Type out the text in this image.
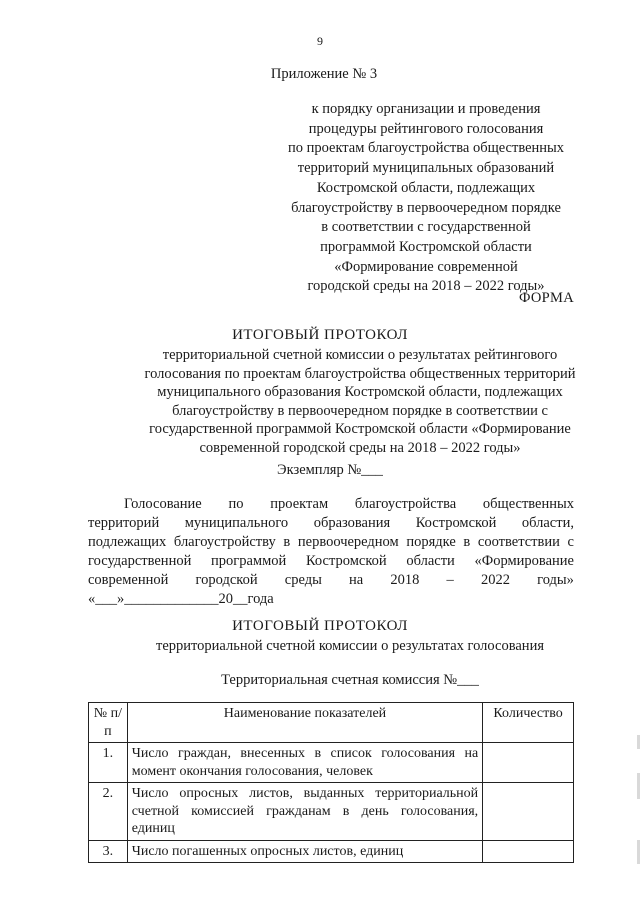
9
Приложение № 3
к порядку организации и проведения
процедуры рейтингового голосования
по проектам благоустройства общественных
территорий муниципальных образований
Костромской области, подлежащих
благоустройству в первоочередном порядке
в соответствии с государственной
программой Костромской области
«Формирование современной
городской среды на 2018 – 2022 годы»
ФОРМА
ИТОГОВЫЙ ПРОТОКОЛ
территориальной счетной комиссии о результатах рейтингового
голосования по проектам благоустройства общественных территорий
муниципального образования Костромской области, подлежащих
благоустройству в первоочередном порядке в соответствии с
государственной программой Костромской области «Формирование
современной городской среды на 2018 – 2022 годы»
Экземпляр №___
Голосование по проектам благоустройства общественных
территорий муниципального образования Костромской области,
подлежащих благоустройству в первоочередном порядке в соответствии с
государственной программой Костромской области «Формирование
современной городской среды на 2018 – 2022 годы»
«___»_____________20__года
ИТОГОВЫЙ ПРОТОКОЛ
территориальной счетной комиссии о результатах голосования
Территориальная счетная комиссия №___
№ п/п	Наименование показателей	Количество
1.	Число граждан, внесенных в список голосования на момент окончания голосования, человек	
2.	Число опросных листов, выданных территориальной счетной комиссией гражданам в день голосования, единиц	
3.	Число погашенных опросных листов, единиц	
